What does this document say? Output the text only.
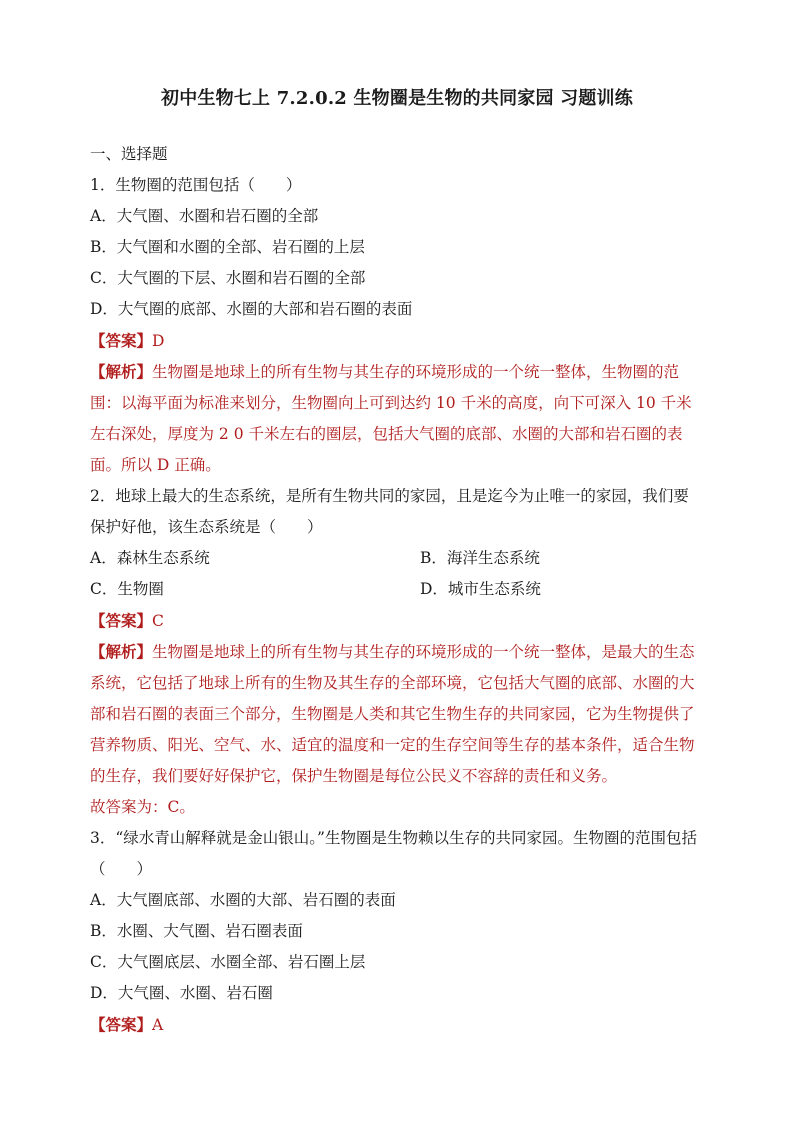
初中生物七上 7.2.0.2 生物圈是生物的共同家园 习题训练
一、选择题
1．生物圈的范围包括（　　）
A．大气圈、水圈和岩石圈的全部
B．大气圈和水圈的全部、岩石圈的上层
C．大气圈的下层、水圈和岩石圈的全部
D．大气圈的底部、水圈的大部和岩石圈的表面
【答案】D
【解析】生物圈是地球上的所有生物与其生存的环境形成的一个统一整体，生物圈的范围：以海平面为标准来划分，生物圈向上可到达约 10 千米的高度，向下可深入 10 千米左右深处，厚度为 2 0 千米左右的圈层，包括大气圈的底部、水圈的大部和岩石圈的表面。所以 D 正确。
2．地球上最大的生态系统，是所有生物共同的家园，且是迄今为止唯一的家园，我们要保护好他，该生态系统是（　　）
A．森林生态系统	B．海洋生态系统
C．生物圈	D．城市生态系统
【答案】C
【解析】生物圈是地球上的所有生物与其生存的环境形成的一个统一整体，是最大的生态系统，它包括了地球上所有的生物及其生存的全部环境，它包括大气圈的底部、水圈的大部和岩石圈的表面三个部分，生物圈是人类和其它生物生存的共同家园，它为生物提供了营养物质、阳光、空气、水、适宜的温度和一定的生存空间等生存的基本条件，适合生物的生存，我们要好好保护它，保护生物圈是每位公民义不容辞的责任和义务。
故答案为：C。
3．“绿水青山解释就是金山银山。”生物圈是生物赖以生存的共同家园。生物圈的范围包括（　　）
A．大气圈底部、水圈的大部、岩石圈的表面
B．水圈、大气圈、岩石圈表面
C．大气圈底层、水圈全部、岩石圈上层
D．大气圈、水圈、岩石圈
【答案】A
